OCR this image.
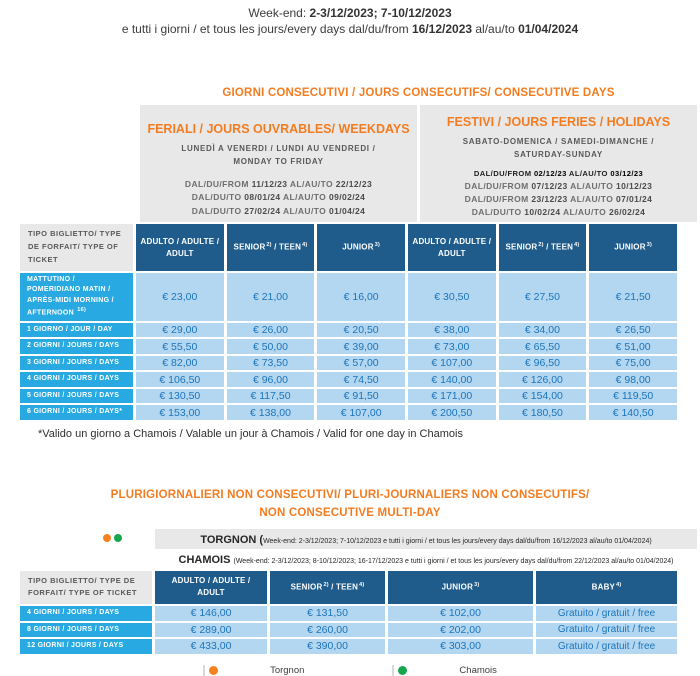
Week-end: 2-3/12/2023; 7-10/12/2023
e tutti i giorni / et tous les jours/every days dal/du/from 16/12/2023 al/au/to 01/04/2024
GIORNI CONSECUTIVI / JOURS CONSECUTIFS/ CONSECUTIVE DAYS
FERIALI / JOURS OUVRABLES/ WEEKDAYS
LUNEDÌ A VENERDI / LUNDI AU VENDREDI / MONDAY TO FRIDAY
DAL/DU/FROM 11/12/23 AL/AU/TO 22/12/23
DAL/DU/TO 08/01/24 AL/AU/TO 09/02/24
DAL/DU/TO 27/02/24 AL/AU/TO 01/04/24
FESTIVI / JOURS FERIES / HOLIDAYS
SABATO-DOMENICA / SAMEDI-DIMANCHE / SATURDAY-SUNDAY
DAL/DU/FROM 02/12/23 AL/AU/TO 03/12/23
DAL/DU/FROM 07/12/23 AL/AU/TO 10/12/23
DAL/DU/FROM 23/12/23 AL/AU/TO 07/01/24
DAL/DU/TO 10/02/24 AL/AU/TO 26/02/24
TIPO BIGLIETTO/ TYPE DE FORFAIT/ TYPE OF TICKET	ADULTO / ADULTE / ADULT	SENIOR$^{2)}$ / TEEN$^{4)}$	JUNIOR$^{3)}$	ADULTO / ADULTE / ADULT	SENIOR$^{2)}$ / TEEN$^{4)}$	JUNIOR$^{3)}$
MATTUTINO / POMERIDIANO MATIN / APRÈS-MIDI MORNING / AFTERNOON $^{16)}$	€ 23,00	€ 21,00	€ 16,00	€ 30,50	€ 27,50	€ 21,50
1 GIORNO / JOUR / DAY	€ 29,00	€ 26,00	€ 20,50	€ 38,00	€ 34,00	€ 26,50
2 GIORNI / JOURS / DAYS	€ 55,50	€ 50,00	€ 39,00	€ 73,00	€ 65,50	€ 51,00
3 GIORNI / JOURS / DAYS	€ 82,00	€ 73,50	€ 57,00	€ 107,00	€ 96,50	€ 75,00
4 GIORNI / JOURS / DAYS	€ 106,50	€ 96,00	€ 74,50	€ 140,00	€ 126,00	€ 98,00
5 GIORNI / JOURS / DAYS	€ 130,50	€ 117,50	€ 91,50	€ 171,00	€ 154,00	€ 119,50
6 GIORNI / JOURS / DAYS*	€ 153,00	€ 138,00	€ 107,00	€ 200,50	€ 180,50	€ 140,50
*Valido un giorno a Chamois / Valable un jour à Chamois / Valid for one day in Chamois
PLURIGIORNALIERI NON CONSECUTIVI/ PLURI-JOURNALIERS NON CONSECUTIFS/
NON CONSECUTIVE MULTI-DAY
TORGNON (Week-end: 2-3/12/2023; 7-10/12/2023 e tutti i giorni / et tous les jours/every days dal/du/from 16/12/2023 al/au/to 01/04/2024)
CHAMOIS (Week-end: 2-3/12/2023; 8-10/12/2023; 16-17/12/2023 e tutti i giorni / et tous les jours/every days dal/du/from 22/12/2023 al/au/to 01/04/2024)
TIPO BIGLIETTO/ TYPE DE FORFAIT/ TYPE OF TICKET	ADULTO / ADULTE / ADULT	SENIOR$^{2)}$ / TEEN$^{4)}$	JUNIOR$^{3)}$	BABY$^{4)}$
4 GIORNI / JOURS / DAYS	€ 146,00	€ 131,50	€ 102,00	Gratuito / gratuit / free
8 GIORNI / JOURS / DAYS	€ 289,00	€ 260,00	€ 202,00	Gratuito / gratuit / free
12 GIORNI / JOURS / DAYS	€ 433,00	€ 390,00	€ 303,00	Gratuito / gratuit / free
Torgnon	Chamois
